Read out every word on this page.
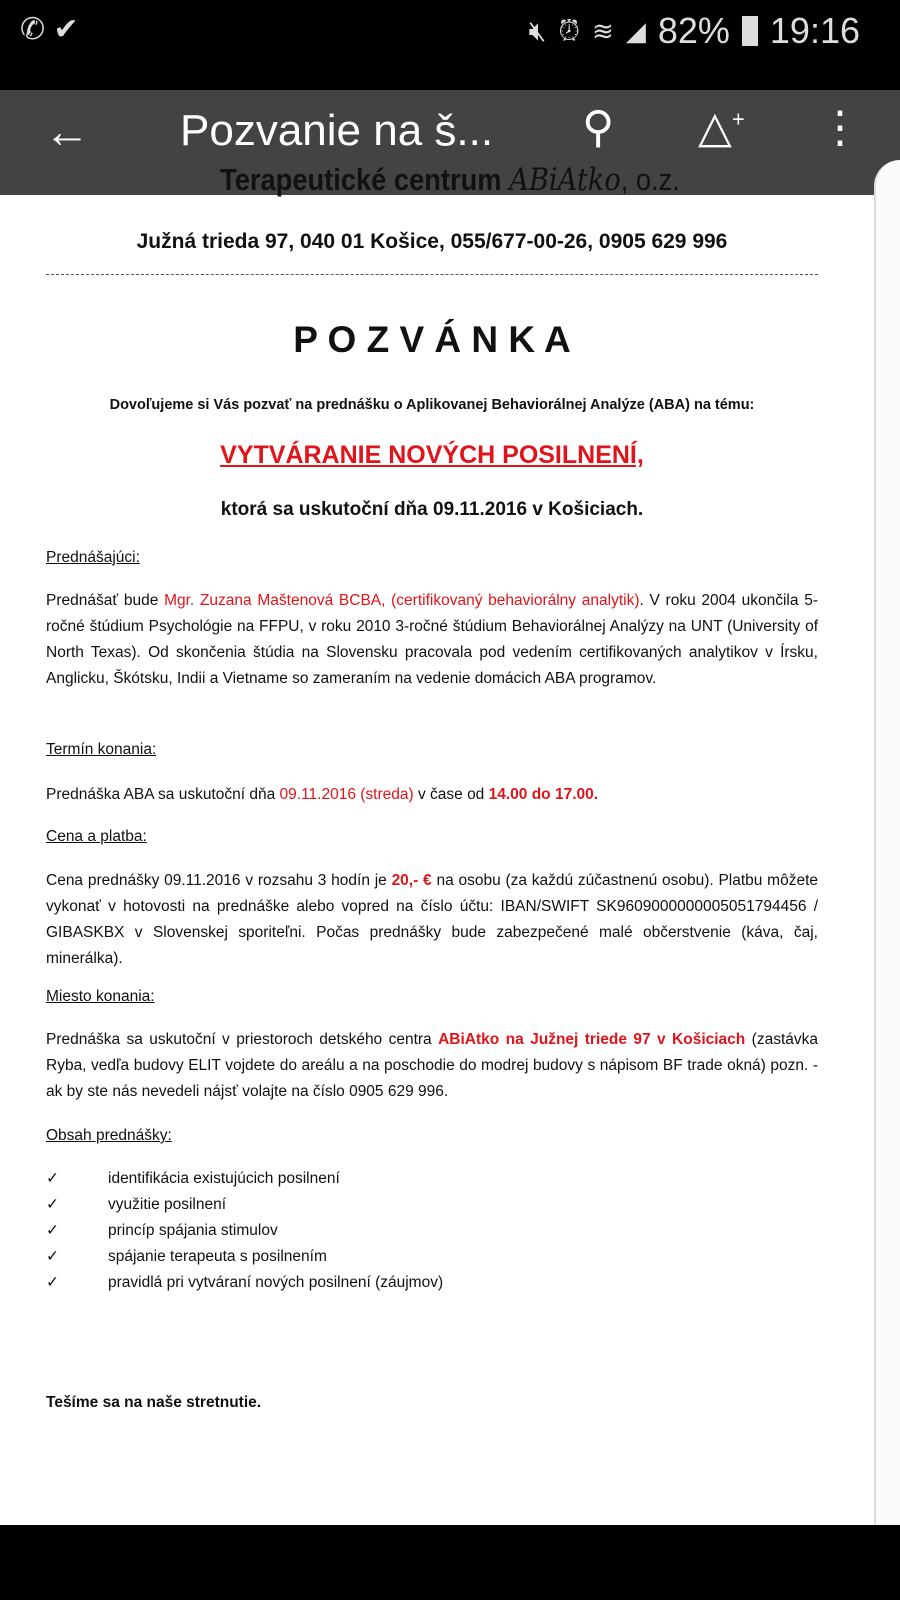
✆ ✔	🔇︎ ⏰︎ ≋ ◢ 82% 19:16
← Pozvanie na š... ⚲ △+ ⋮
Terapeutické centrum ABiAtko, o.z.
Južná trieda 97, 040 01 Košice, 055/677-00-26, 0905 629 996
P O Z V Á N K A
Dovoľujeme si Vás pozvať na prednášku o Aplikovanej Behaviorálnej Analýze (ABA) na tému:
VYTVÁRANIE NOVÝCH POSILNENÍ,
ktorá sa uskutoční dňa 09.11.2016 v Košiciach.
Prednášajúci:
Prednášať bude Mgr. Zuzana Maštenová BCBA, (certifikovaný behaviorálny analytik). V roku 2004 ukončila 5-ročné štúdium Psychológie na FFPU, v roku 2010 3-ročné štúdium Behaviorálnej Analýzy na UNT (University of North Texas). Od skončenia štúdia na Slovensku pracovala pod vedením certifikovaných analytikov v Írsku, Anglicku, Škótsku, Indii a Vietname so zameraním na vedenie domácich ABA programov.
Termín konania:
Prednáška ABA sa uskutoční dňa 09.11.2016 (streda) v čase od 14.00 do 17.00.
Cena a platba:
Cena prednášky 09.11.2016 v rozsahu 3 hodín je 20,- € na osobu (za každú zúčastnenú osobu). Platbu môžete vykonať v hotovosti na prednáške alebo vopred na číslo účtu: IBAN/SWIFT SK9609000000005051794456 / GIBASKBX v Slovenskej sporiteľni. Počas prednášky bude zabezpečené malé občerstvenie (káva, čaj, minerálka).
Miesto konania:
Prednáška sa uskutoční v priestoroch detského centra ABiAtko na Južnej triede 97 v Košiciach (zastávka Ryba, vedľa budovy ELIT vojdete do areálu a na poschodie do modrej budovy s nápisom BF trade okná) pozn. - ak by ste nás nevedeli nájsť volajte na číslo 0905 629 996.
Obsah prednášky:
✓	identifikácia existujúcich posilnení
✓	využitie posilnení
✓	princíp spájania stimulov
✓	spájanie terapeuta s posilnením
✓	pravidlá pri vytváraní nových posilnení (záujmov)
Tešíme sa na naše stretnutie.
